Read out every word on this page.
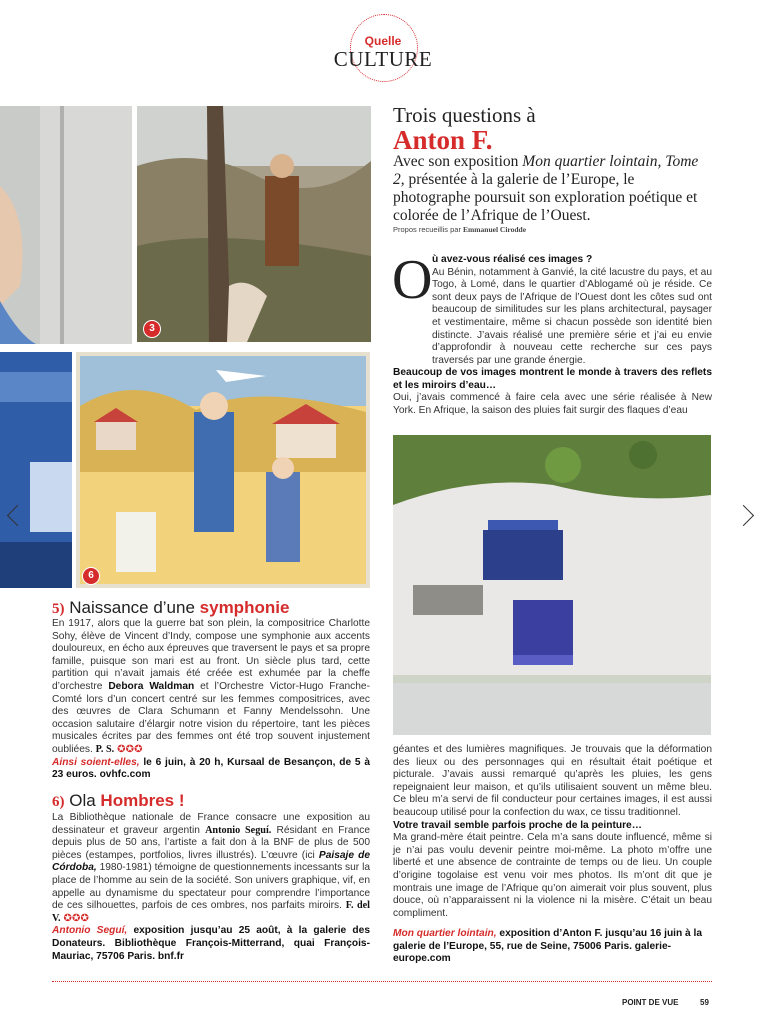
Quelle
CULTURE
3
6
Trois questions à
Anton F.
Avec son exposition Mon quartier lointain, Tome 2, présentée à la galerie de l’Europe, le photographe poursuit son exploration poétique et colorée de l’Afrique de l’Ouest.
Propos recueillis par Emmanuel Cirodde
O ù avez-vous réalisé ces images ?
Au Bénin, notamment à Ganvié, la cité lacustre du pays, et au Togo, à Lomé, dans le quartier d’Ablogamé où je réside. Ce sont deux pays de l’Afrique de l’Ouest dont les côtes sud ont beaucoup de similitudes sur les plans architectural, paysager et vestimentaire, même si chacun possède son identité bien distincte. J’avais réalisé une première série et j’ai eu envie d’approfondir à nouveau cette recherche sur ces pays traversés par une grande énergie.
Beaucoup de vos images montrent le monde à travers des reflets et les miroirs d’eau…
Oui, j’avais commencé à faire cela avec une série réalisée à New York. En Afrique, la saison des pluies fait surgir des flaques d’eau
géantes et des lumières magnifiques. Je trouvais que la déformation des lieux ou des personnages qui en résultait était poétique et picturale. J’avais aussi remarqué qu’après les pluies, les gens repeignaient leur maison, et qu’ils utilisaient souvent un même bleu. Ce bleu m’a servi de fil conducteur pour certaines images, il est aussi beaucoup utilisé pour la confection du wax, ce tissu traditionnel.
Votre travail semble parfois proche de la peinture…
Ma grand-mère était peintre. Cela m’a sans doute influencé, même si je n’ai pas voulu devenir peintre moi-même. La photo m’offre une liberté et une absence de contrainte de temps ou de lieu. Un couple d’origine togolaise est venu voir mes photos. Ils m’ont dit que je montrais une image de l’Afrique qu’on aimerait voir plus souvent, plus douce, où n’apparaissent ni la violence ni la misère. C’était un beau compliment.
Mon quartier lointain, exposition d’Anton F. jusqu’au 16 juin à la galerie de l’Europe, 55, rue de Seine, 75006 Paris. galerie-europe.com
5) Naissance d’une symphonie
En 1917, alors que la guerre bat son plein, la compositrice Charlotte Sohy, élève de Vincent d’Indy, compose une symphonie aux accents douloureux, en écho aux épreuves que traversent le pays et sa propre famille, puisque son mari est au front. Un siècle plus tard, cette partition qui n’avait jamais été créée est exhumée par la cheffe d’orchestre Debora Waldman et l’Orchestre Victor-Hugo Franche-Comté lors d’un concert centré sur les femmes compositrices, avec des œuvres de Clara Schumann et Fanny Mendelssohn. Une occasion salutaire d’élargir notre vision du répertoire, tant les pièces musicales écrites par des femmes ont été trop souvent injustement oubliées. P. S. ✪✪✪
Ainsi soient-elles, le 6 juin, à 20 h, Kursaal de Besançon, de 5 à 23 euros. ovhfc.com
6) Ola Hombres !
La Bibliothèque nationale de France consacre une exposition au dessinateur et graveur argentin Antonio Seguí. Résidant en France depuis plus de 50 ans, l’artiste a fait don à la BNF de plus de 500 pièces (estampes, portfolios, livres illustrés). L’œuvre (ici Paisaje de Córdoba, 1980-1981) témoigne de questionnements incessants sur la place de l’homme au sein de la société. Son univers graphique, vif, en appelle au dynamisme du spectateur pour comprendre l’importance de ces silhouettes, parfois de ces ombres, nos parfaits miroirs. F. del V. ✪✪✪
Antonio Seguí, exposition jusqu’au 25 août, à la galerie des Donateurs. Bibliothèque François-Mitterrand, quai François-Mauriac, 75706 Paris. bnf.fr
POINT DE VUE	59
